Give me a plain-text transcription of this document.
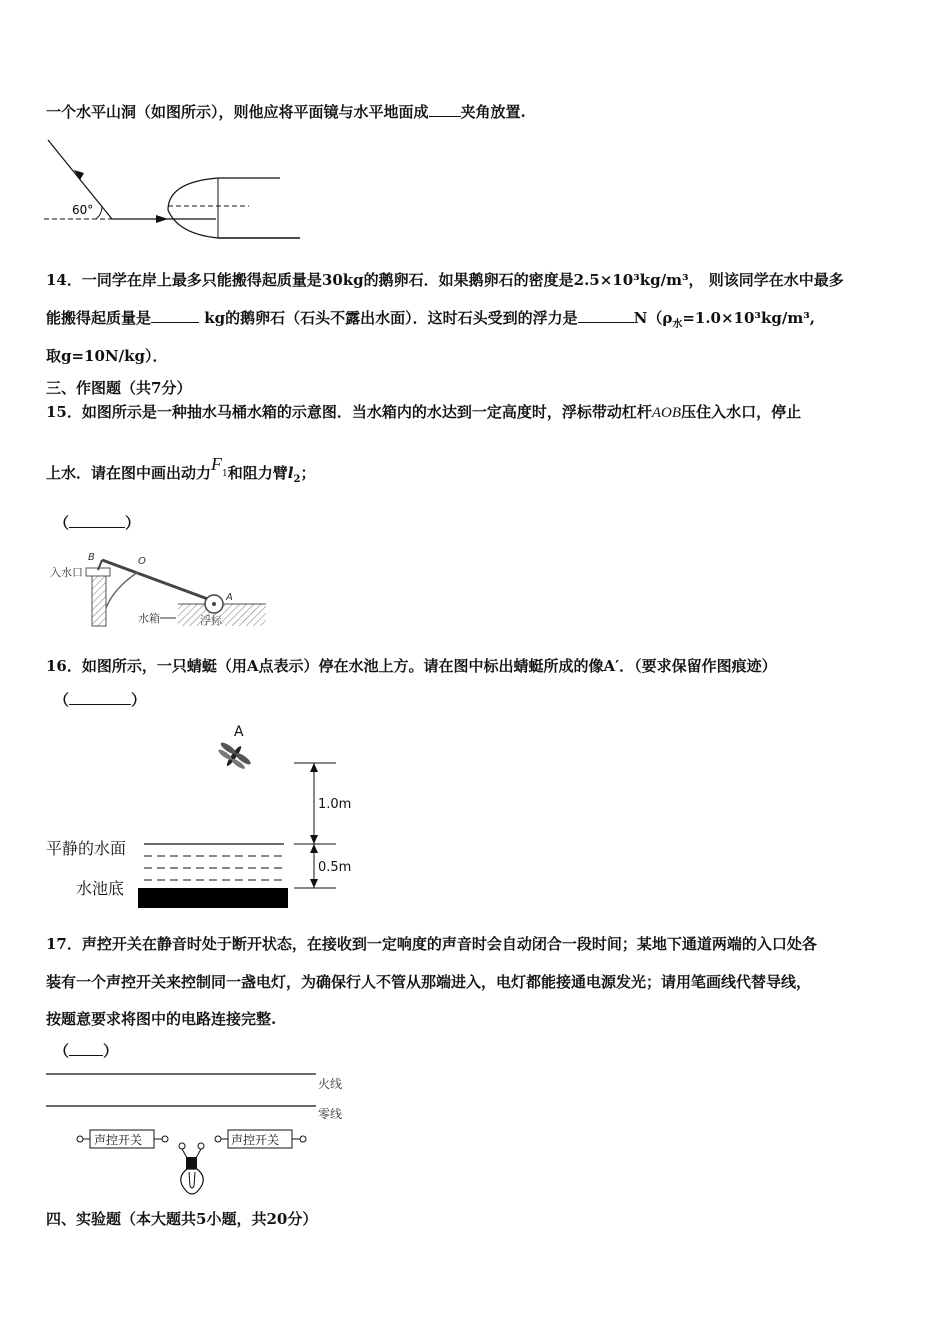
一个水平山洞（如图所示），则他应将平面镜与水平地面成 夹角放置.
60°
14．一同学在岸上最多只能搬得起质量是30kg的鹅卵石．如果鹅卵石的密度是2.5×10³kg/m³， 则该同学在水中最多
能搬得起质量是	kg的鹅卵石（石头不露出水面）．这时石头受到的浮力是	$N(\rho_水=1.0\times 10^3kg/m^3$,
取g=10N/kg）．
三、作图题（共7分）
15．如图所示是一种抽水马桶水箱的示意图．当水箱内的水达到一定高度时，浮标带动杠杆AOB压住入水口，停止
上水．请在图中画出动力$F_1$和阻力臂$l_2$；
（	）
入水口
B	O
A
水箱	浮标
16．如图所示，一只蜻蜓（用A点表示）停在水池上方。请在图中标出蜻蜓所成的像A′．（要求保留作图痕迹）
（	）
A
1.0m
0.5m
平静的水面
水池底
17．声控开关在静音时处于断开状态，在接收到一定响度的声音时会自动闭合一段时间；某地下通道两端的入口处各
装有一个声控开关来控制同一盏电灯，为确保行人不管从那端进入，电灯都能接通电源发光；请用笔画线代替导线，
按题意要求将图中的电路连接完整.
（ ）
火线
零线
声控开关	声控开关
四、实验题（本大题共5小题，共20分）
